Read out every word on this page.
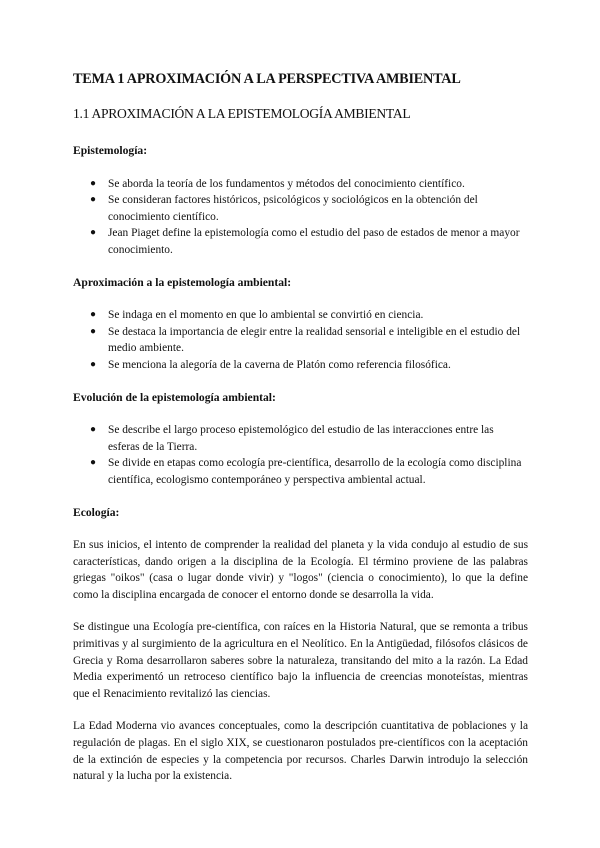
TEMA 1 APROXIMACIÓN A LA PERSPECTIVA AMBIENTAL
1.1 APROXIMACIÓN A LA EPISTEMOLOGÍA AMBIENTAL
Epistemología:
● Se aborda la teoría de los fundamentos y métodos del conocimiento científico.
● Se consideran factores históricos, psicológicos y sociológicos en la obtención del conocimiento científico.
● Jean Piaget define la epistemología como el estudio del paso de estados de menor a mayor conocimiento.
Aproximación a la epistemología ambiental:
● Se indaga en el momento en que lo ambiental se convirtió en ciencia.
● Se destaca la importancia de elegir entre la realidad sensorial e inteligible en el estudio del medio ambiente.
● Se menciona la alegoría de la caverna de Platón como referencia filosófica.
Evolución de la epistemología ambiental:
● Se describe el largo proceso epistemológico del estudio de las interacciones entre las esferas de la Tierra.
● Se divide en etapas como ecología pre-científica, desarrollo de la ecología como disciplina científica, ecologismo contemporáneo y perspectiva ambiental actual.
Ecología:

En sus inicios, el intento de comprender la realidad del planeta y la vida condujo al estudio de sus características, dando origen a la disciplina de la Ecología. El término proviene de las palabras griegas "oikos" (casa o lugar donde vivir) y "logos" (ciencia o conocimiento), lo que la define como la disciplina encargada de conocer el entorno donde se desarrolla la vida.

Se distingue una Ecología pre-científica, con raíces en la Historia Natural, que se remonta a tribus primitivas y al surgimiento de la agricultura en el Neolítico. En la Antigüedad, filósofos clásicos de Grecia y Roma desarrollaron saberes sobre la naturaleza, transitando del mito a la razón. La Edad Media experimentó un retroceso científico bajo la influencia de creencias monoteístas, mientras que el Renacimiento revitalizó las ciencias.

La Edad Moderna vio avances conceptuales, como la descripción cuantitativa de poblaciones y la regulación de plagas. En el siglo XIX, se cuestionaron postulados pre-científicos con la aceptación de la extinción de especies y la competencia por recursos. Charles Darwin introdujo la selección natural y la lucha por la existencia.
